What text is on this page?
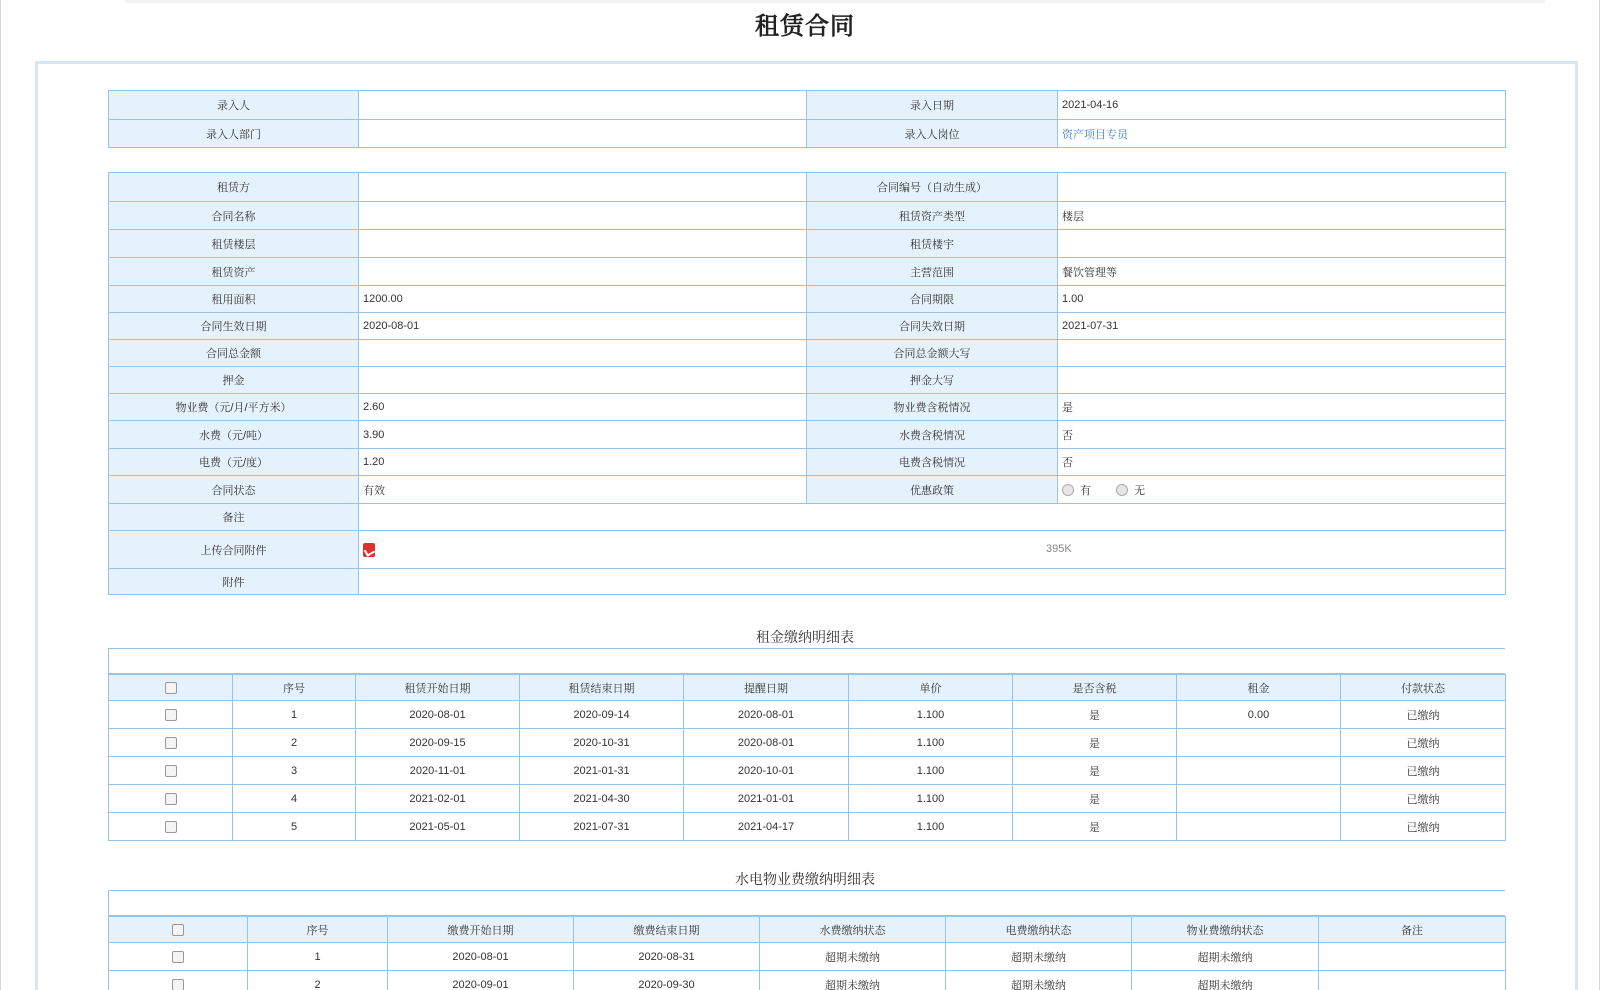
租赁合同
录入人		录入日期	2021-04-16
录入人部门		录入人岗位	资产项目专员
租赁方		合同编号（自动生成）	
合同名称		租赁资产类型	楼层
租赁楼层		租赁楼宇	
租赁资产		主营范围	餐饮管理等
租用面积	1200.00	合同期限	1.00
合同生效日期	2020-08-01	合同失效日期	2021-07-31
合同总金额		合同总金额大写	
押金		押金大写	
物业费（元/月/平方米）	2.60	物业费含税情况	是
水费（元/吨）	3.90	水费含税情况	否
电费（元/度）	1.20	电费含税情况	否
合同状态	有效	优惠政策	有 无
备注			
上传合同附件	395K		

附件			
租金缴纳明细表
	序号	租赁开始日期	租赁结束日期	提醒日期	单价	是否含税	租金	付款状态
	1	2020-08-01	2020-09-14	2020-08-01	1.100	是	0.00	已缴纳
	2	2020-09-15	2020-10-31	2020-08-01	1.100	是		已缴纳
	3	2020-11-01	2021-01-31	2020-10-01	1.100	是		已缴纳
	4	2021-02-01	2021-04-30	2021-01-01	1.100	是		已缴纳
	5	2021-05-01	2021-07-31	2021-04-17	1.100	是		已缴纳
水电物业费缴纳明细表
	序号	缴费开始日期	缴费结束日期	水费缴纳状态	电费缴纳状态	物业费缴纳状态	备注
	1	2020-08-01	2020-08-31	超期未缴纳	超期未缴纳	超期未缴纳	
	2	2020-09-01	2020-09-30	超期未缴纳	超期未缴纳	超期未缴纳	
